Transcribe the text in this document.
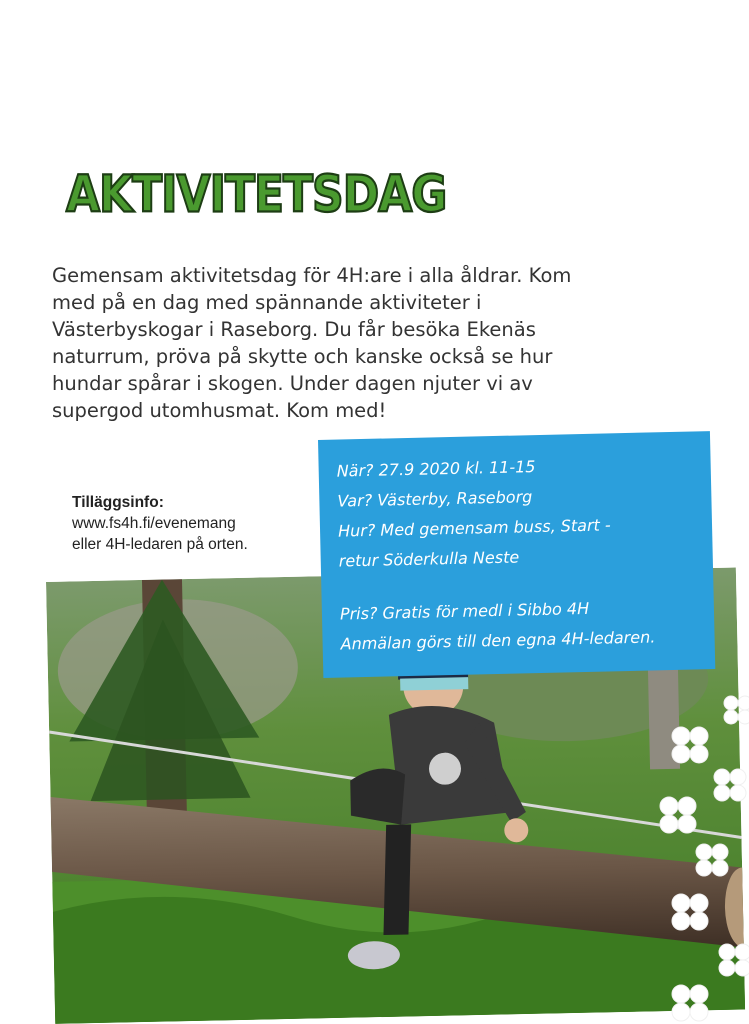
AKTIVITETSDAG
Gemensam aktivitetsdag för 4H:are i alla åldrar. Kom
med på en dag med spännande aktiviteter i
Västerbyskogar i Raseborg. Du får besöka Ekenäs
naturrum, pröva på skytte och kanske också se hur
hundar spårar i skogen. Under dagen njuter vi av
supergod utomhusmat. Kom med!
Tilläggsinfo:
www.fs4h.fi/evenemang
eller 4H-ledaren på orten.
När? 27.9 2020 kl. 11-15
Var? Västerby, Raseborg
Hur? Med gemensam buss, Start -
retur Söderkulla Neste
Pris? Gratis för medl i Sibbo 4H
Anmälan görs till den egna 4H-ledaren.
